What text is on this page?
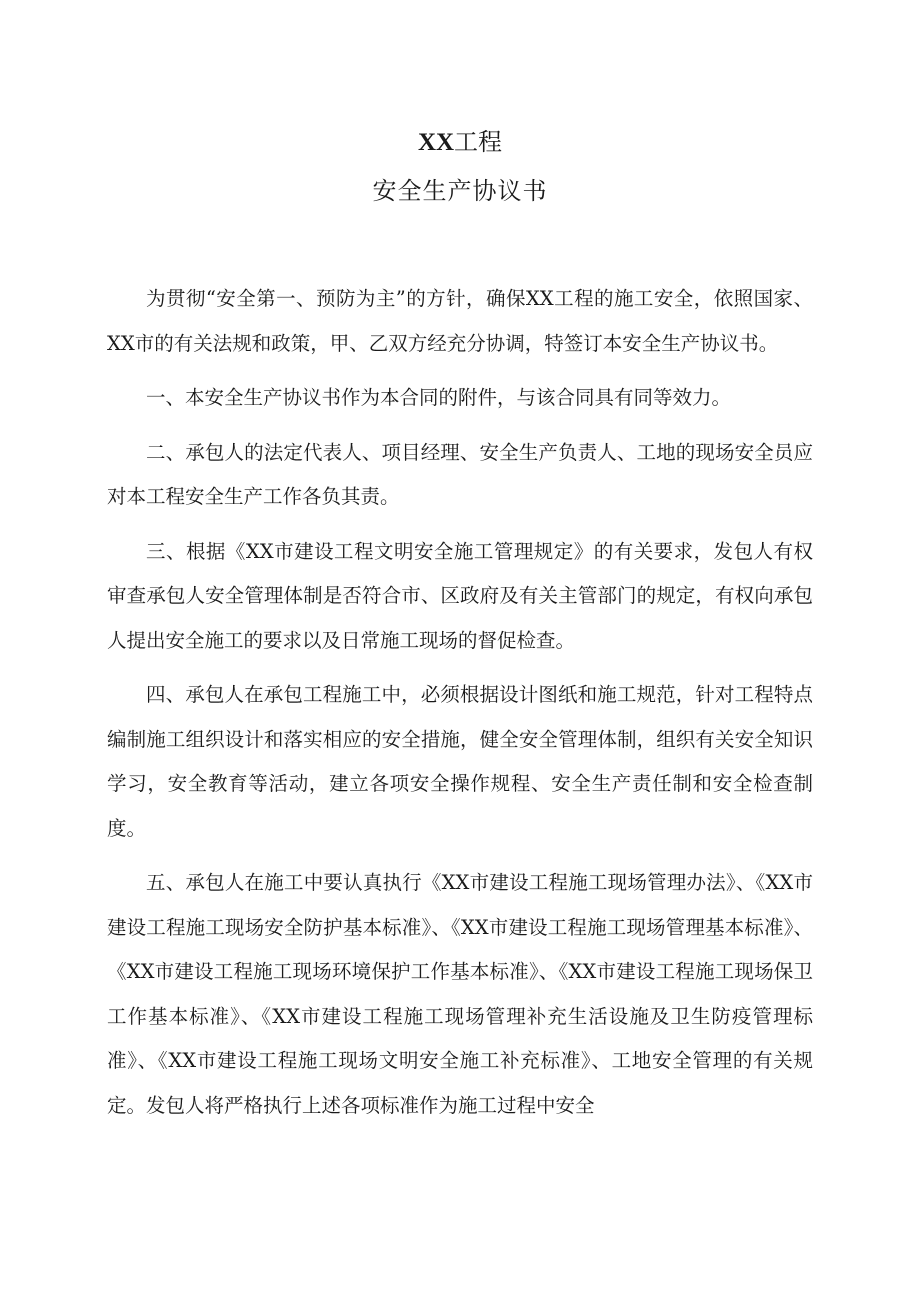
XX工程
安全生产协议书

为贯彻“安全第一、预防为主”的方针，确保XX工程的施工安全，依照国家、XX市的有关法规和政策，甲、乙双方经充分协调，特签订本安全生产协议书。

一、本安全生产协议书作为本合同的附件，与该合同具有同等效力。

二、承包人的法定代表人、项目经理、安全生产负责人、工地的现场安全员应对本工程安全生产工作各负其责。

三、根据《XX市建设工程文明安全施工管理规定》的有关要求，发包人有权审查承包人安全管理体制是否符合市、区政府及有关主管部门的规定，有权向承包人提出安全施工的要求以及日常施工现场的督促检查。

四、承包人在承包工程施工中，必须根据设计图纸和施工规范，针对工程特点编制施工组织设计和落实相应的安全措施，健全安全管理体制，组织有关安全知识学习，安全教育等活动，建立各项安全操作规程、安全生产责任制和安全检查制度。

五、承包人在施工中要认真执行《XX市建设工程施工现场管理办法》、《XX市建设工程施工现场安全防护基本标准》、《XX市建设工程施工现场管理基本标准》、《XX市建设工程施工现场环境保护工作基本标准》、《XX市建设工程施工现场保卫工作基本标准》、《XX市建设工程施工现场管理补充生活设施及卫生防疫管理标准》、《XX市建设工程施工现场文明安全施工补充标准》、工地安全管理的有关规定。发包人将严格执行上述各项标准作为施工过程中安全
